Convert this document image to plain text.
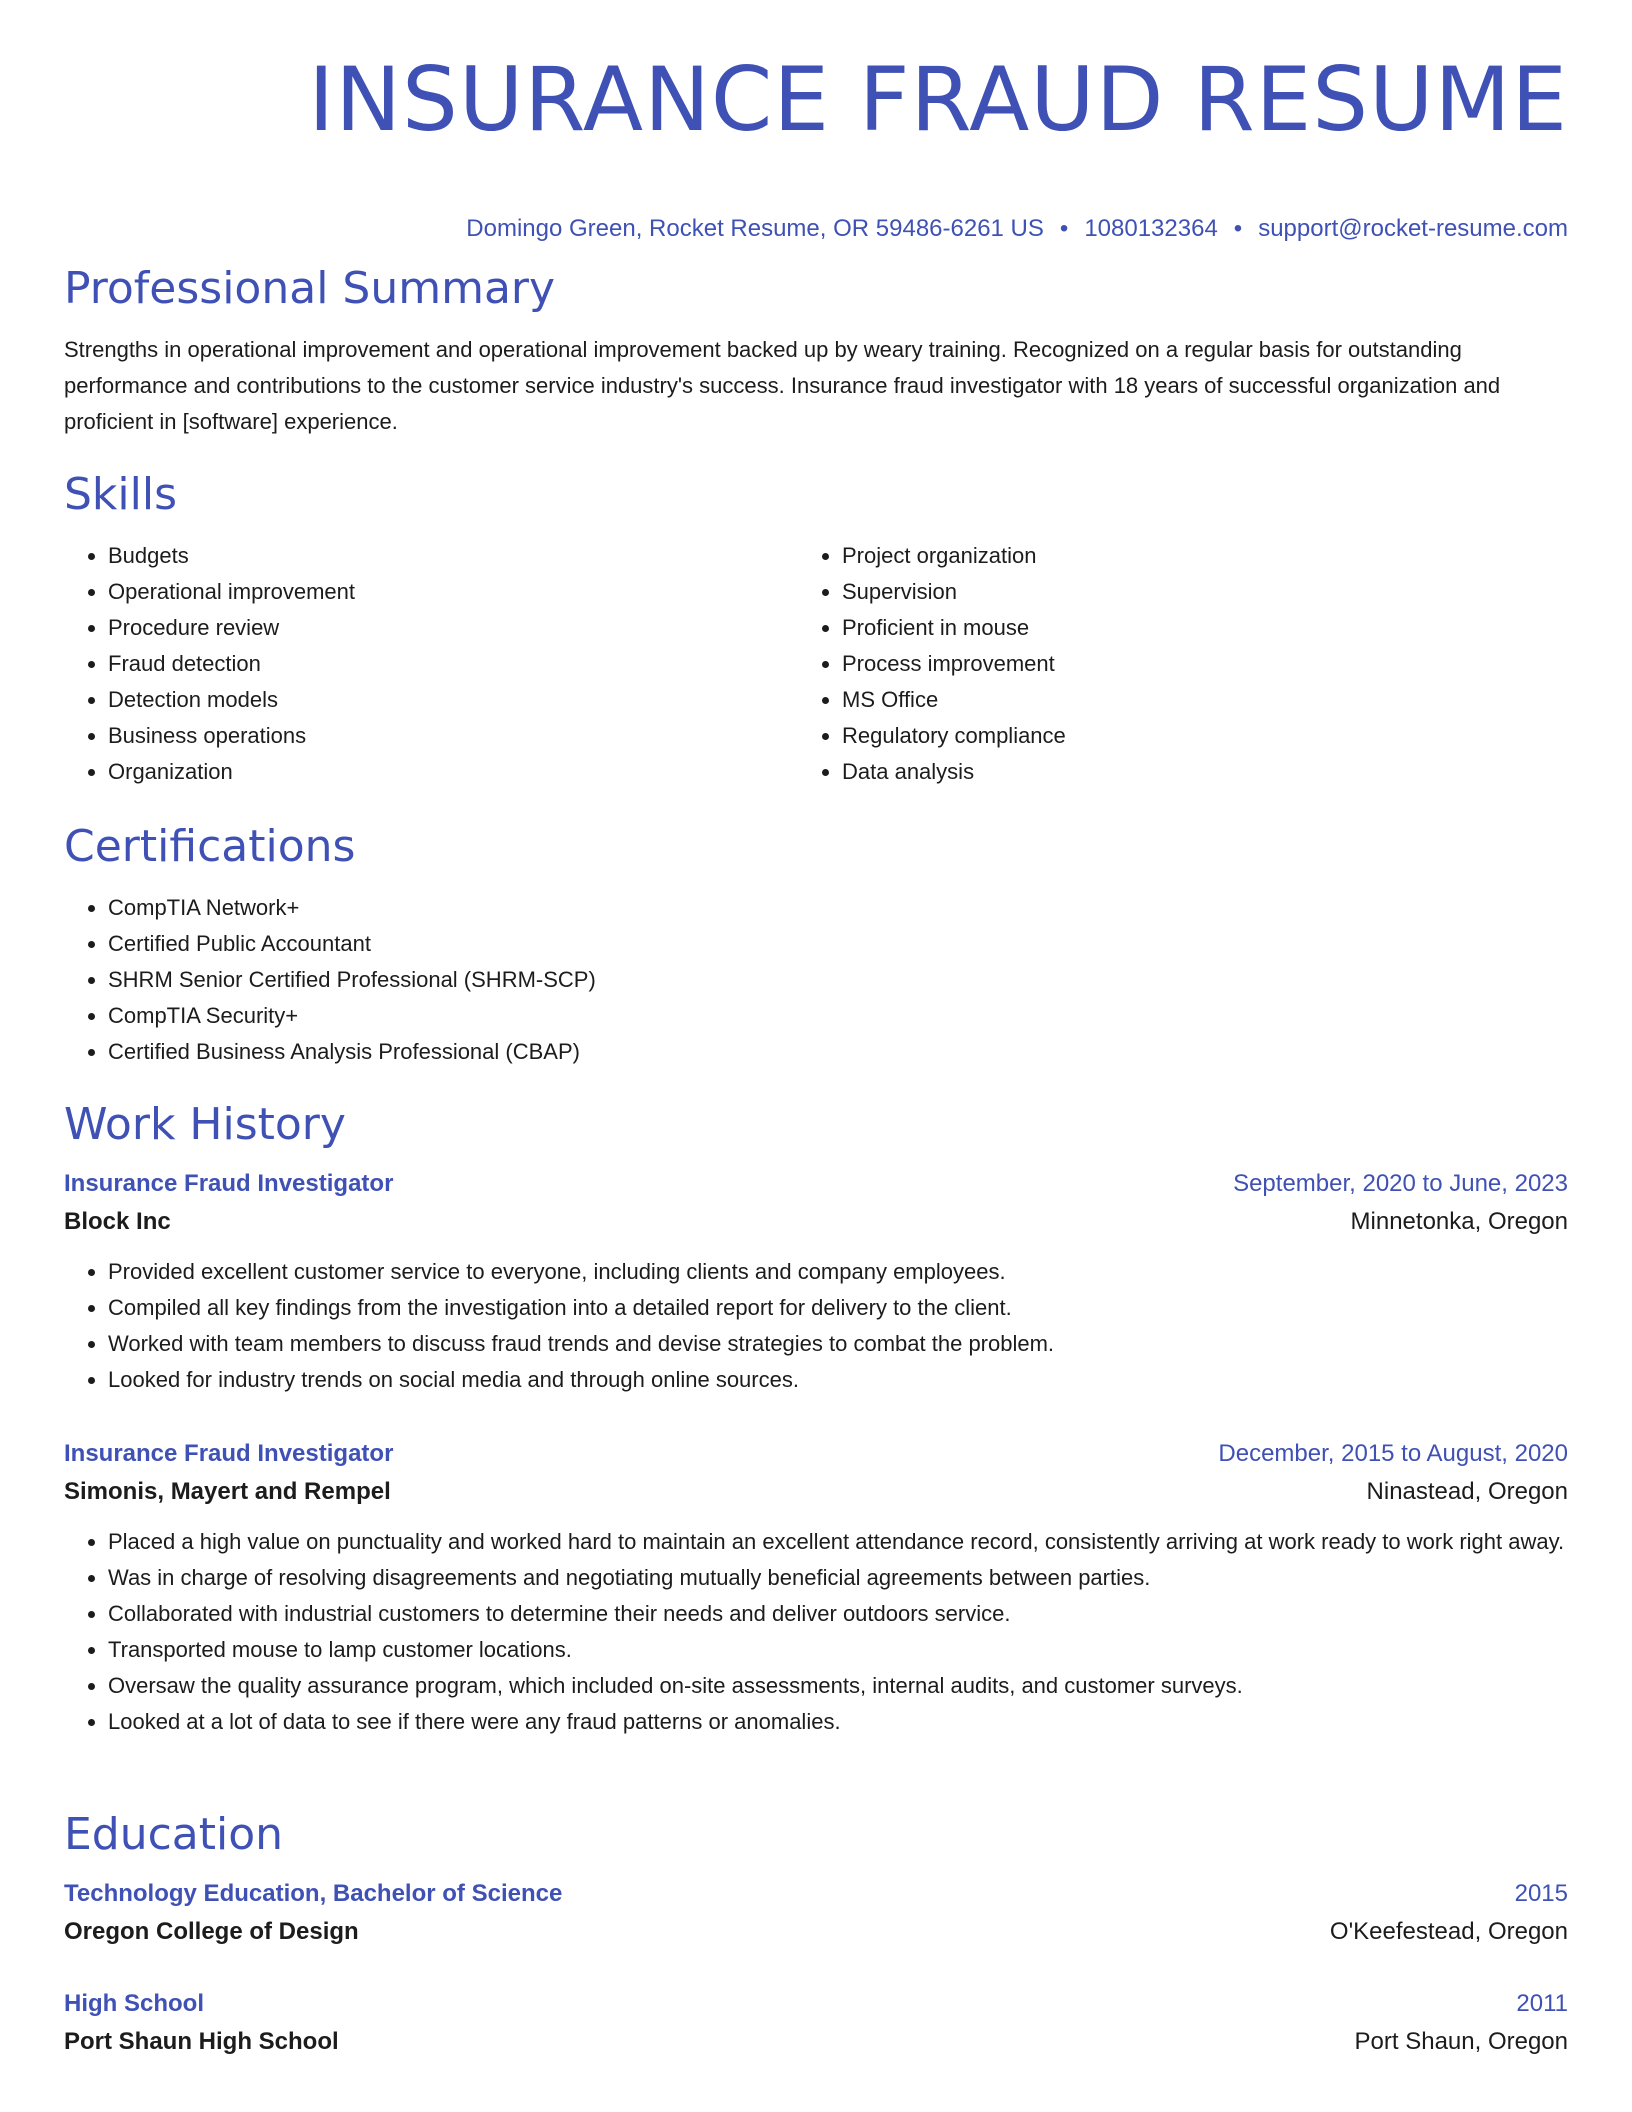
INSURANCE FRAUD RESUME
Domingo Green, Rocket Resume, OR 59486-6261 US • 1080132364 • support@rocket-resume.com
Professional Summary

Strengths in operational improvement and operational improvement backed up by weary training. Recognized on a regular basis for outstanding performance and contributions to the customer service industry's success. Insurance fraud investigator with 18 years of successful organization and proficient in [software] experience.

Skills
• Budgets
• Operational improvement
• Procedure review
• Fraud detection
• Detection models
• Business operations
• Organization
• Project organization
• Supervision
• Proficient in mouse
• Process improvement
• MS Office
• Regulatory compliance
• Data analysis
Certifications
• CompTIA Network+
• Certified Public Accountant
• SHRM Senior Certified Professional (SHRM-SCP)
• CompTIA Security+
• Certified Business Analysis Professional (CBAP)
Work History
Insurance Fraud Investigator	September, 2020 to June, 2023
Block Inc	Minnetonka, Oregon
• Provided excellent customer service to everyone, including clients and company employees.
• Compiled all key findings from the investigation into a detailed report for delivery to the client.
• Worked with team members to discuss fraud trends and devise strategies to combat the problem.
• Looked for industry trends on social media and through online sources.
Insurance Fraud Investigator	December, 2015 to August, 2020
Simonis, Mayert and Rempel	Ninastead, Oregon
• Placed a high value on punctuality and worked hard to maintain an excellent attendance record, consistently arriving at work ready to work right away.
• Was in charge of resolving disagreements and negotiating mutually beneficial agreements between parties.
• Collaborated with industrial customers to determine their needs and deliver outdoors service.
• Transported mouse to lamp customer locations.
• Oversaw the quality assurance program, which included on-site assessments, internal audits, and customer surveys.
• Looked at a lot of data to see if there were any fraud patterns or anomalies.
Education
Technology Education, Bachelor of Science	2015
Oregon College of Design	O'Keefestead, Oregon
High School	2011
Port Shaun High School	Port Shaun, Oregon
